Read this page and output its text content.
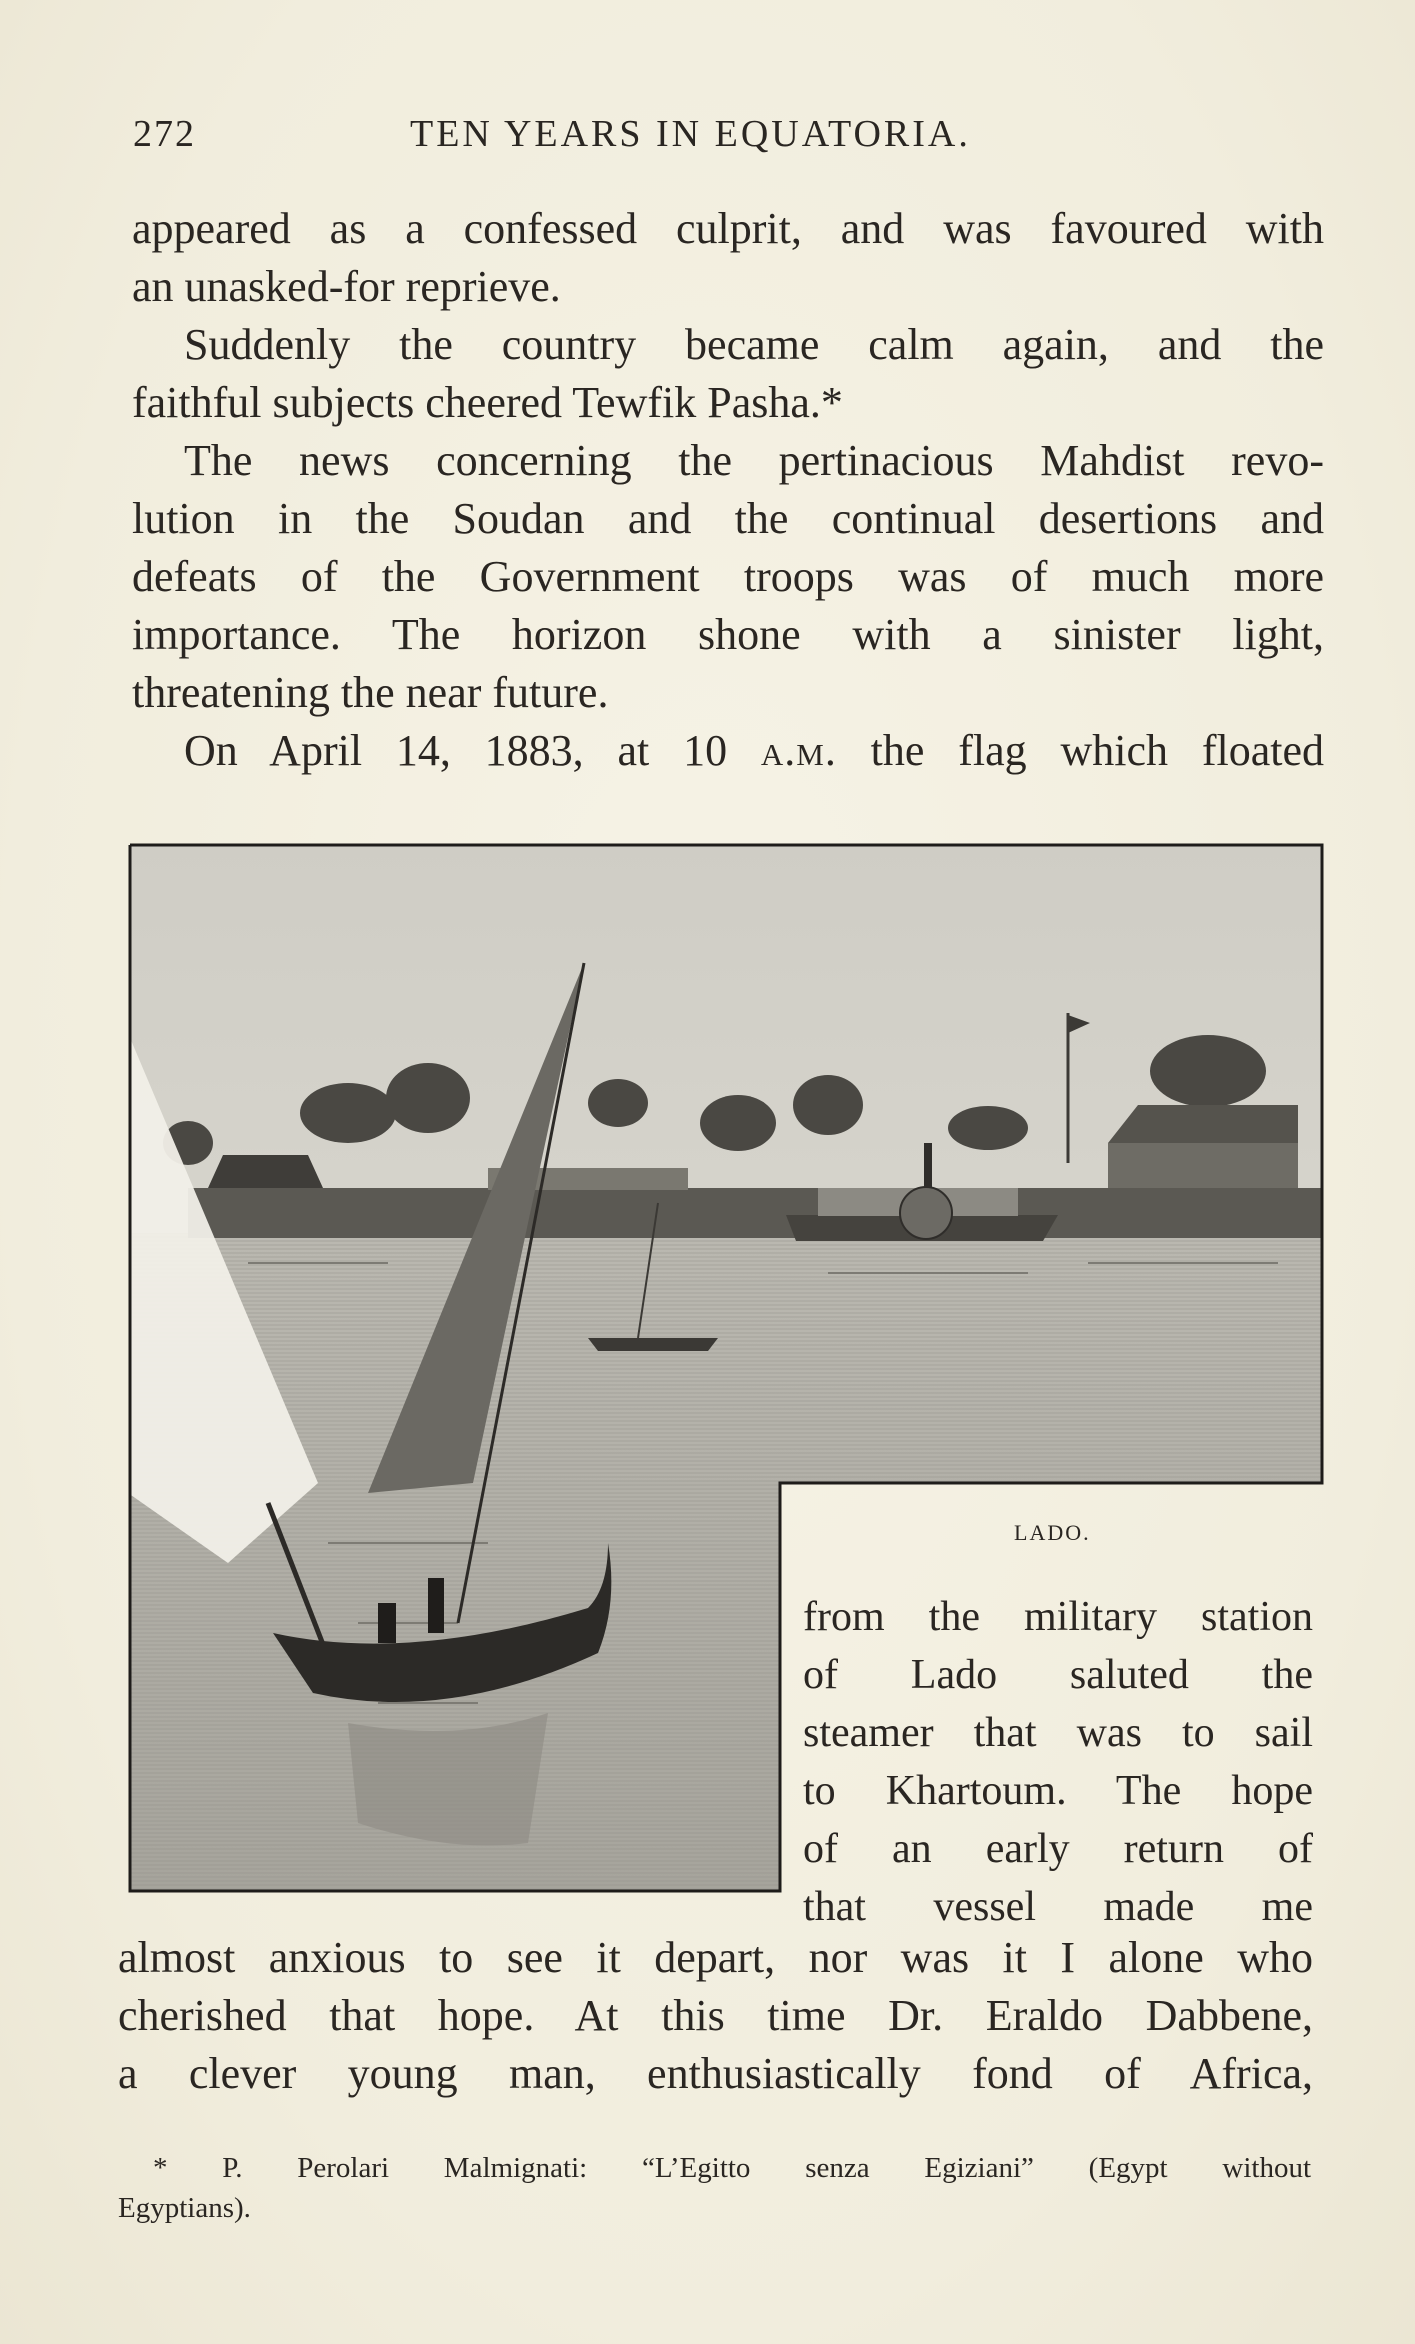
272	TEN YEARS IN EQUATORIA.
appeared as a confessed culprit, and was favoured with
an unasked-for reprieve.
Suddenly the country became calm again, and the
faithful subjects cheered Tewfik Pasha.*
The news concerning the pertinacious Mahdist revo-
lution in the Soudan and the continual desertions and
defeats of the Government troops was of much more
importance. The horizon shone with a sinister light,
threatening the near future.
On April 14, 1883, at 10 a.m. the flag which floated
LADO.
from the military station
of Lado saluted the
steamer that was to sail
to Khartoum. The hope
of an early return of
that vessel made me
almost anxious to see it depart, nor was it I alone who
cherished that hope. At this time Dr. Eraldo Dabbene,
a clever young man, enthusiastically fond of Africa,
* P. Perolari Malmignati: “L’Egitto senza Egiziani” (Egypt without
Egyptians).
